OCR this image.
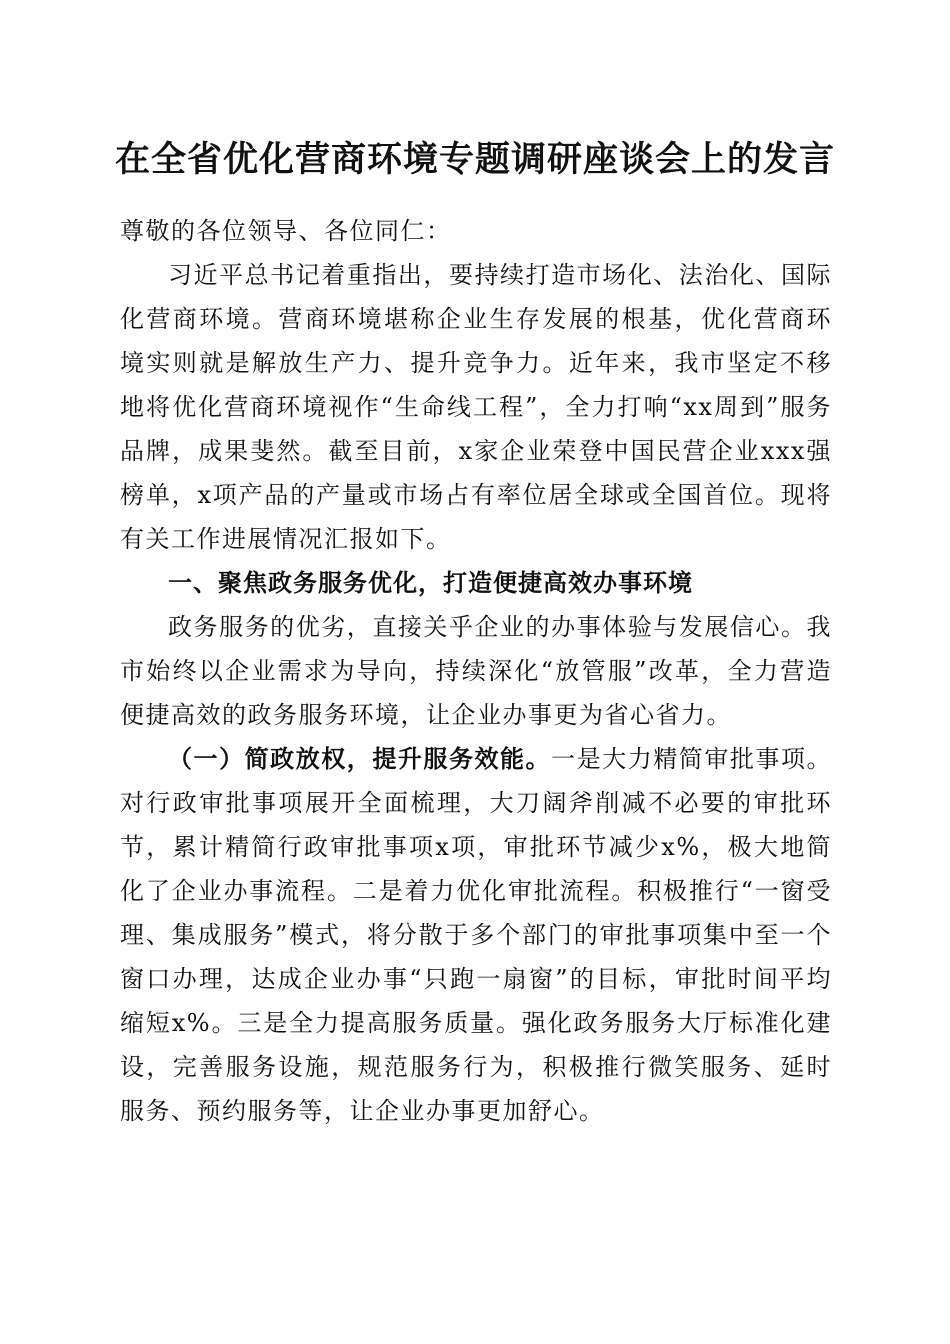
在全省优化营商环境专题调研座谈会上的发言

尊敬的各位领导、各位同仁：

习近平总书记着重指出，要持续打造市场化、法治化、国际化营商环境。营商环境堪称企业生存发展的根基，优化营商环境实则就是解放生产力、提升竞争力。近年来，我市坚定不移地将优化营商环境视作“生命线工程”，全力打响“xx周到”服务品牌，成果斐然。截至目前，x家企业荣登中国民营企业xxx强榜单，x项产品的产量或市场占有率位居全球或全国首位。现将有关工作进展情况汇报如下。

一、聚焦政务服务优化，打造便捷高效办事环境

政务服务的优劣，直接关乎企业的办事体验与发展信心。我市始终以企业需求为导向，持续深化“放管服”改革，全力营造便捷高效的政务服务环境，让企业办事更为省心省力。

（一）简政放权，提升服务效能。一是大力精简审批事项。对行政审批事项展开全面梳理，大刀阔斧削减不必要的审批环节，累计精简行政审批事项x项，审批环节减少x%，极大地简化了企业办事流程。二是着力优化审批流程。积极推行“一窗受理、集成服务”模式，将分散于多个部门的审批事项集中至一个窗口办理，达成企业办事“只跑一扇窗”的目标，审批时间平均缩短x%。三是全力提高服务质量。强化政务服务大厅标准化建设，完善服务设施，规范服务行为，积极推行微笑服务、延时服务、预约服务等，让企业办事更加舒心。
